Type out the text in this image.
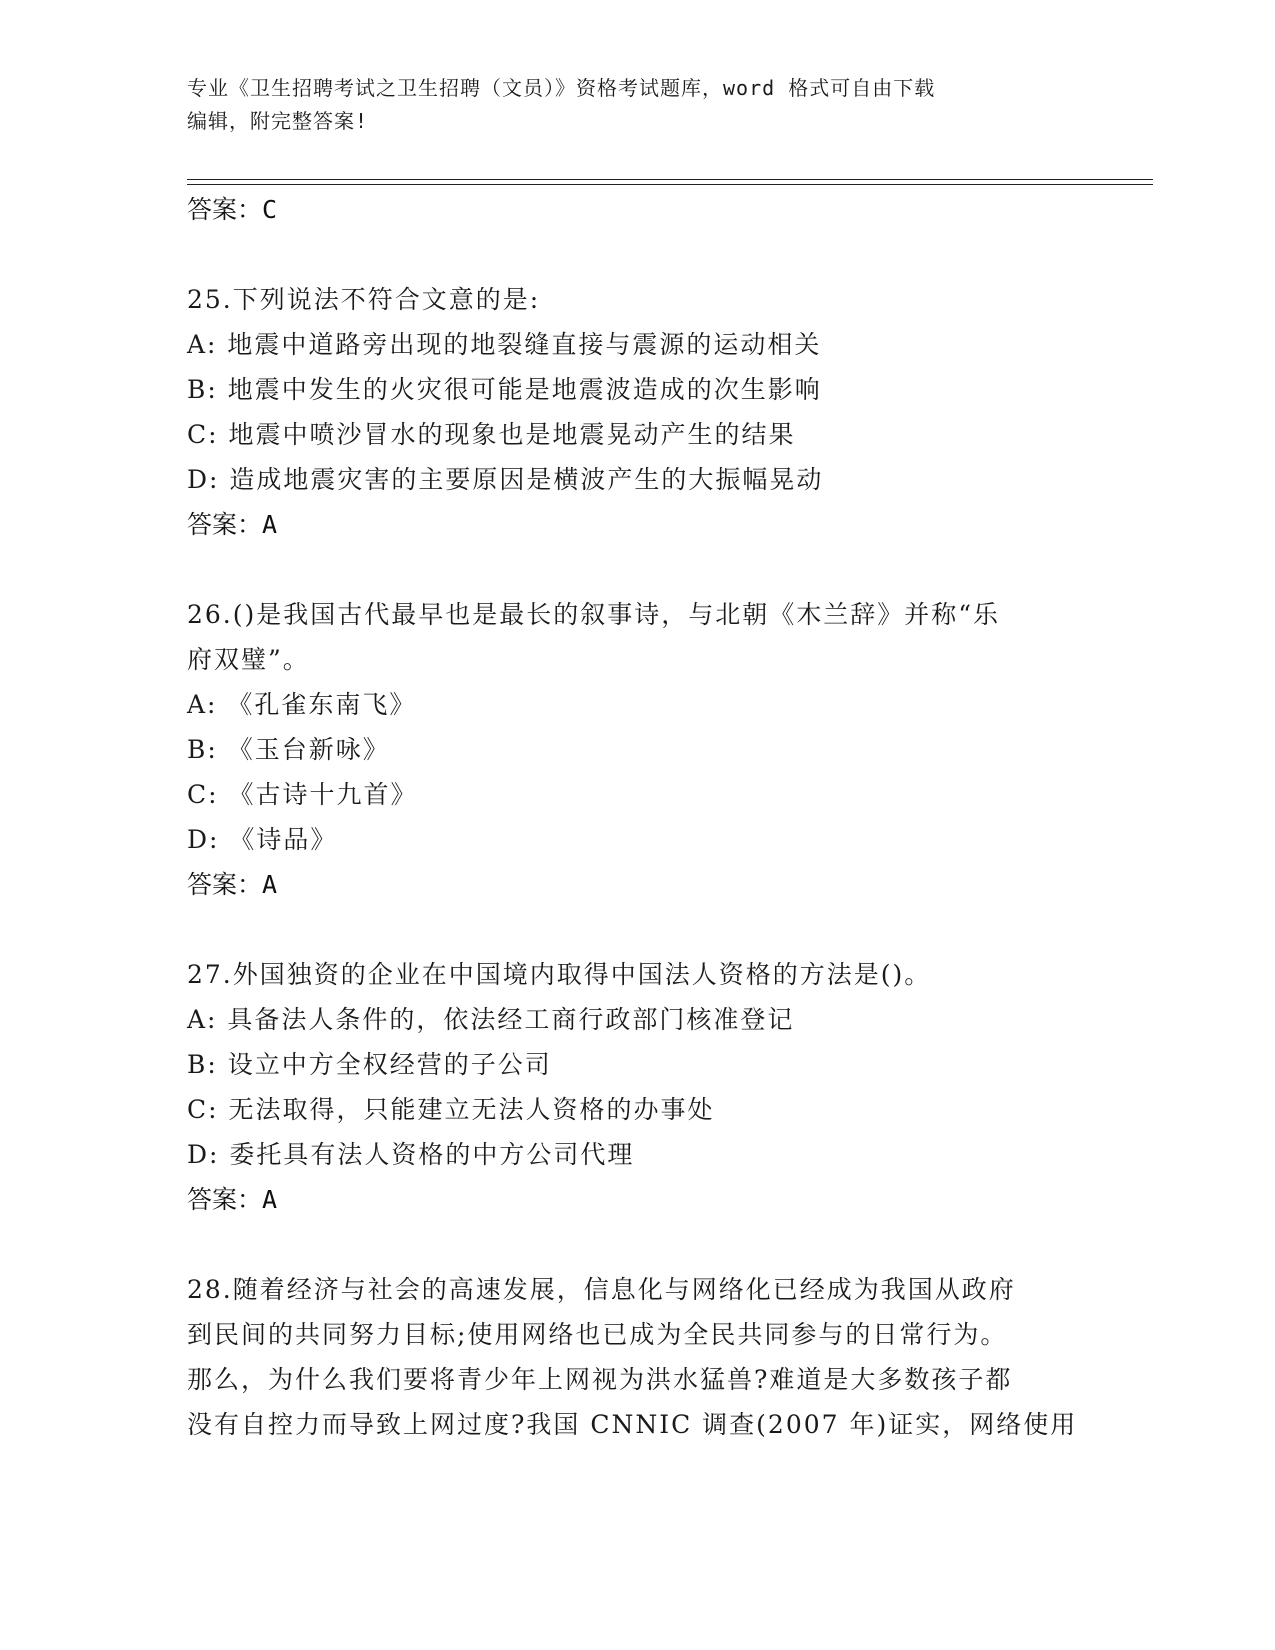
专业《卫生招聘考试之卫生招聘（文员）》资格考试题库，word 格式可自由下载
编辑，附完整答案!
答案：C
25.下列说法不符合文意的是:
A: 地震中道路旁出现的地裂缝直接与震源的运动相关
B: 地震中发生的火灾很可能是地震波造成的次生影响
C: 地震中喷沙冒水的现象也是地震晃动产生的结果
D: 造成地震灾害的主要原因是横波产生的大振幅晃动
答案：A
26.()是我国古代最早也是最长的叙事诗，与北朝《木兰辞》并称“乐
府双璧”。
A: 《孔雀东南飞》
B: 《玉台新咏》
C: 《古诗十九首》
D: 《诗品》
答案：A
27.外国独资的企业在中国境内取得中国法人资格的方法是()。
A: 具备法人条件的，依法经工商行政部门核准登记
B: 设立中方全权经营的子公司
C: 无法取得，只能建立无法人资格的办事处
D: 委托具有法人资格的中方公司代理
答案：A
28.随着经济与社会的高速发展，信息化与网络化已经成为我国从政府
到民间的共同努力目标;使用网络也已成为全民共同参与的日常行为。
那么，为什么我们要将青少年上网视为洪水猛兽?难道是大多数孩子都
没有自控力而导致上网过度?我国 CNNIC 调查(2007 年)证实，网络使用
